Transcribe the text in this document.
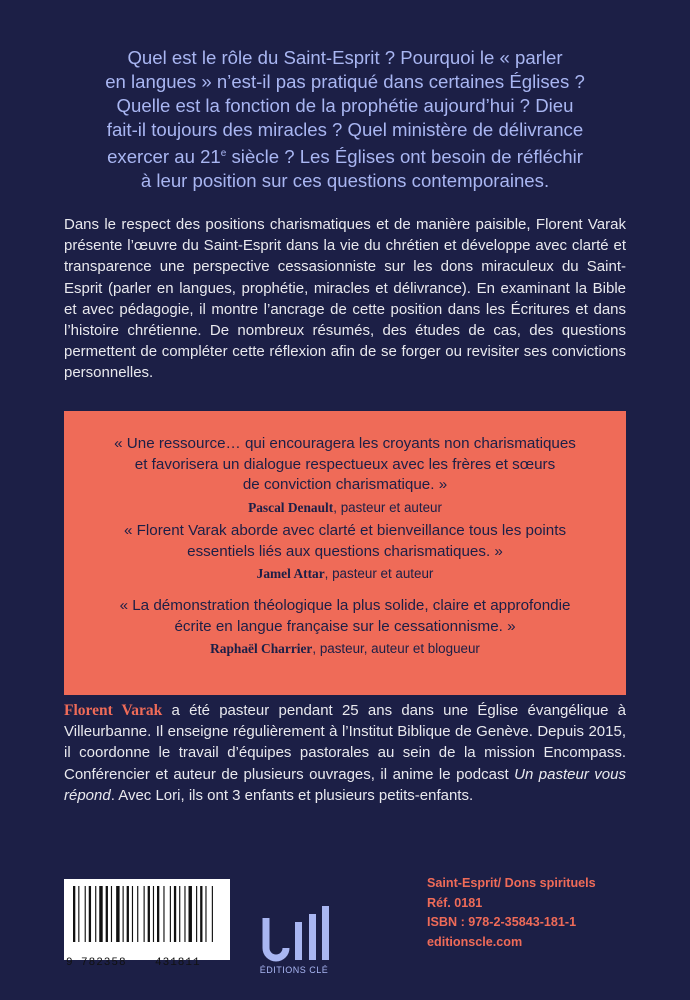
Quel est le rôle du Saint-Esprit ? Pourquoi le « parler
en langues » n’est-il pas pratiqué dans certaines Églises ?
Quelle est la fonction de la prophétie aujourd’hui ? Dieu
fait-il toujours des miracles ? Quel ministère de délivrance
exercer au 21e siècle ? Les Églises ont besoin de réfléchir
à leur position sur ces questions contemporaines.

Dans le respect des positions charismatiques et de manière paisible, Florent Varak présente l’œuvre du Saint-Esprit dans la vie du chrétien et développe avec clarté et transparence une perspective cessasionniste sur les dons miraculeux du Saint-Esprit (parler en langues, prophétie, miracles et délivrance). En examinant la Bible et avec pédagogie, il montre l’ancrage de cette position dans les Écritures et dans l’histoire chrétienne. De nombreux résumés, des études de cas, des questions permettent de compléter cette réflexion afin de se forger ou revisiter ses convictions personnelles.

« Une ressource… qui encouragera les croyants non charismatiques
et favorisera un dialogue respectueux avec les frères et sœurs
de conviction charismatique. »
Pascal Denault, pasteur et auteur
« Florent Varak aborde avec clarté et bienveillance tous les points
essentiels liés aux questions charismatiques. »
Jamel Attar, pasteur et auteur
« La démonstration théologique la plus solide, claire et approfondie
écrite en langue française sur le cessationnisme. »
Raphaël Charrier, pasteur, auteur et blogueur

Florent Varak a été pasteur pendant 25 ans dans une Église évangélique à Villeurbanne. Il enseigne régulièrement à l’Institut Biblique de Genève. Depuis 2015, il coordonne le travail d’équipes pastorales au sein de la mission Encompass. Conférencier et auteur de plusieurs ouvrages, il anime le podcast Un pasteur vous répond. Avec Lori, ils ont 3 enfants et plusieurs petits-enfants.

9 782358	431811
ÉDITIONS CLÉ
Saint-Esprit/ Dons spirituels
Réf. 0181
ISBN : 978-2-35843-181-1
editionscle.com
